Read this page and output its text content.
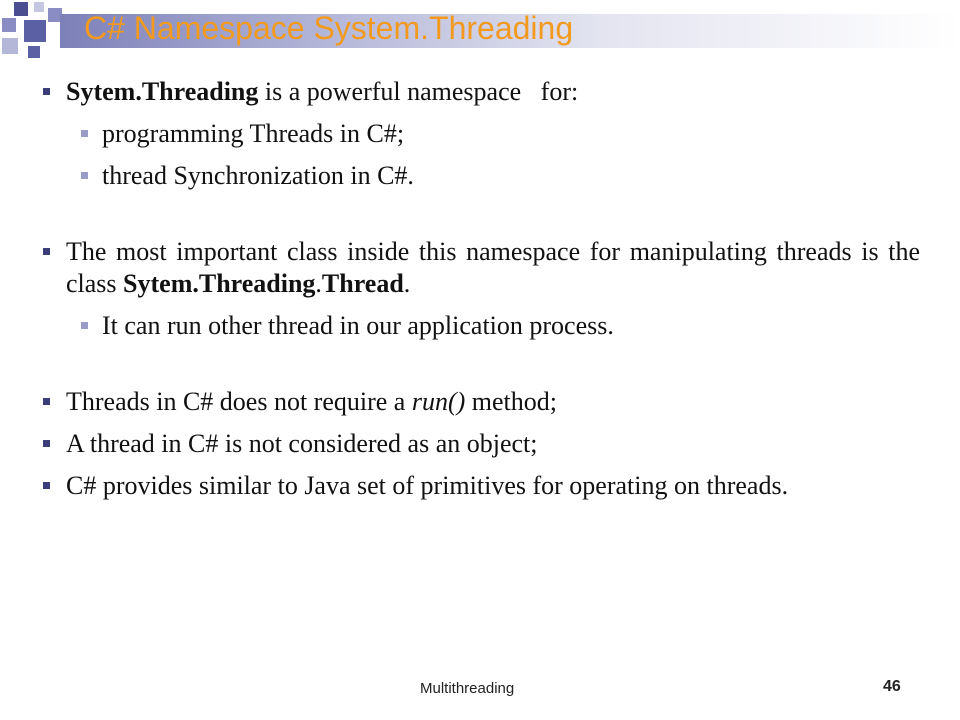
C# Namespace System.Threading
Sytem.Threading is a powerful namespace   for:
programming Threads in C#;
thread Synchronization in C#.
The most important class inside this namespace for manipulating threads is the class Sytem.Threading.Thread.
It can run other thread in our application process.
Threads in C# does not require a run() method;
A thread in C# is not considered as an object;
C# provides similar to Java set of primitives for operating on threads.
Multithreading	46
